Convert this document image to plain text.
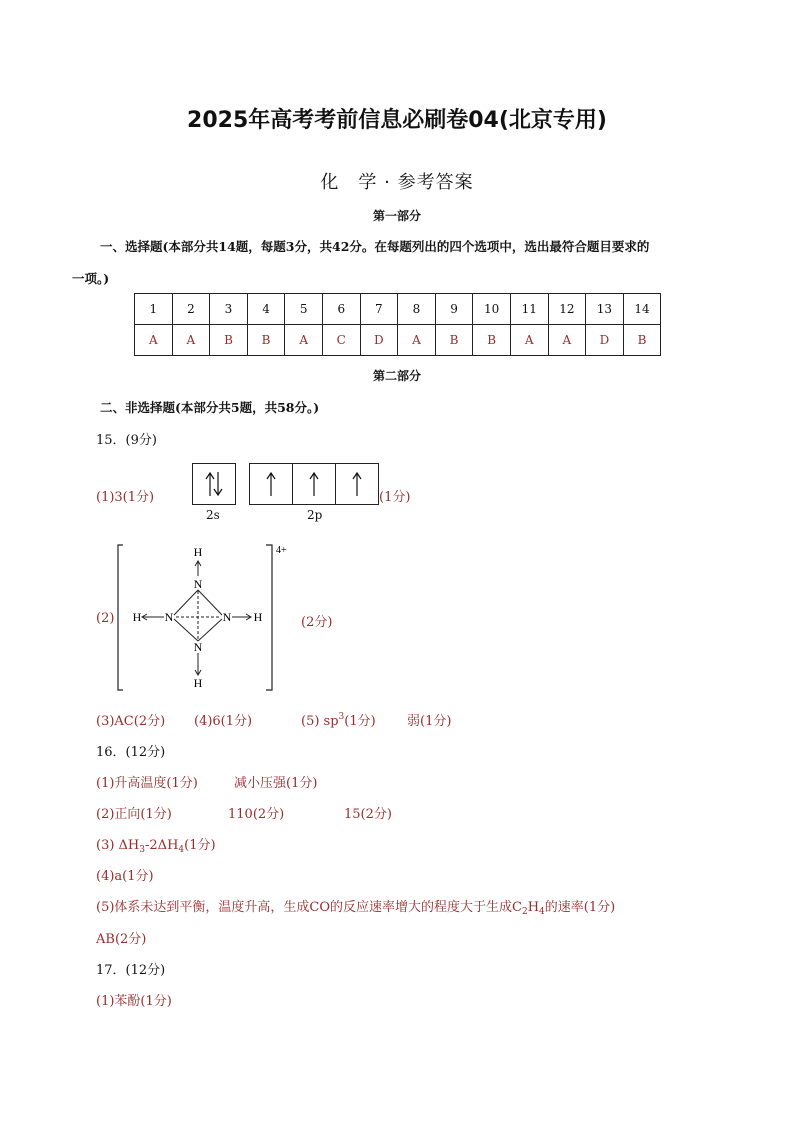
2025年高考考前信息必刷卷04(北京专用)
化　学 · 参考答案
第一部分
一、选择题(本部分共14题，每题3分，共42分。在每题列出的四个选项中，选出最符合题目要求的
一项。)
1	2	3	4	5	6	7	8	9	10	11	12	13	14
A	A	B	B	A	C	D	A	B	B	A	A	D	B
第二部分
二、非选择题(本部分共5题，共58分。)
15．(9分)
(1)3(1分)	(1分)
2s	2p
(2)
H
N
N	N
N
H	H
H
4+
(2分)
(3)AC(2分) (4)6(1分)	(5) $sp^3(1$分) 弱(1分)
16．(12分)
(1)升高温度(1分)	减小压强(1分)
(2)正向(1分)	110(2分)	15(2分)
(3) $\Delta H_3-2\Delta H_4(1$分)
(4)a(1分)
(5)体系未达到平衡，温度升高，生成CO的反应速率增大的程度大于生成$C_2H_4$的速率(1分)
AB(2分)
17．(12分)
(1)苯酚(1分)
